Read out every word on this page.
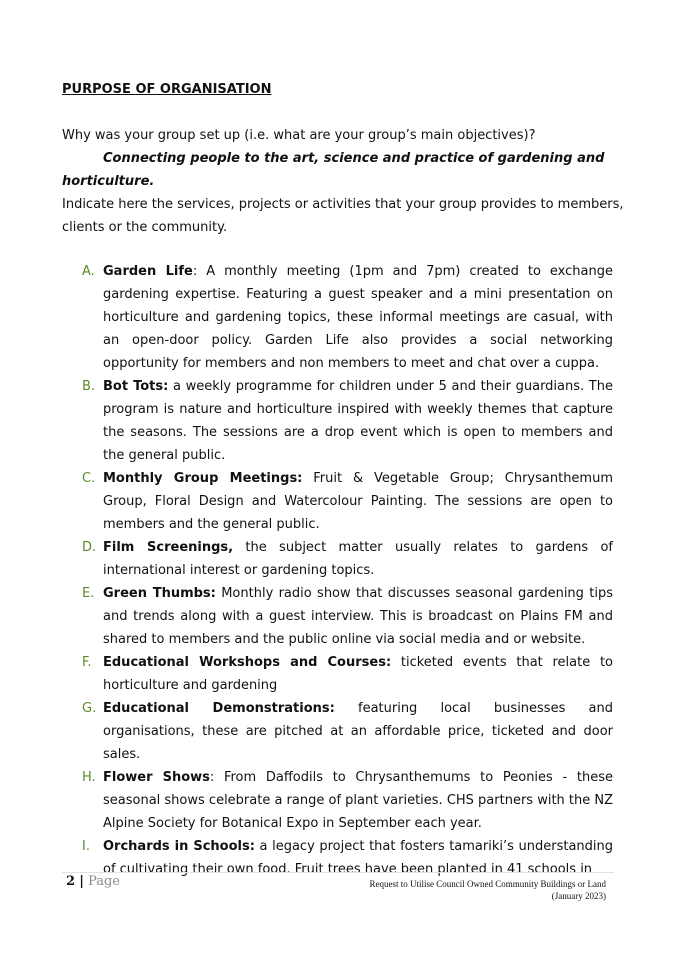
PURPOSE OF ORGANISATION
Why was your group set up (i.e. what are your group’s main objectives)?
Connecting people to the art, science and practice of gardening and
horticulture.
Indicate here the services, projects or activities that your group provides to members,
clients or the community.
A. Garden Life: A monthly meeting (1pm and 7pm) created to exchange gardening expertise. Featuring a guest speaker and a mini presentation on horticulture and gardening topics, these informal meetings are casual, with an open-door policy. Garden Life also provides a social networking opportunity for members and non members to meet and chat over a cuppa.
B. Bot Tots: a weekly programme for children under 5 and their guardians. The program is nature and horticulture inspired with weekly themes that capture the seasons. The sessions are a drop event which is open to members and the general public.
C. Monthly Group Meetings: Fruit & Vegetable Group; Chrysanthemum Group, Floral Design and Watercolour Painting. The sessions are open to members and the general public.
D. Film Screenings, the subject matter usually relates to gardens of international interest or gardening topics.
E. Green Thumbs: Monthly radio show that discusses seasonal gardening tips and trends along with a guest interview. This is broadcast on Plains FM and shared to members and the public online via social media and or website.
F. Educational Workshops and Courses: ticketed events that relate to horticulture and gardening
G. Educational Demonstrations: featuring local businesses and organisations, these are pitched at an affordable price, ticketed and door sales.
H. Flower Shows: From Daffodils to Chrysanthemums to Peonies - these seasonal shows celebrate a range of plant varieties. CHS partners with the NZ Alpine Society for Botanical Expo in September each year.
I. Orchards in Schools: a legacy project that fosters tamariki’s understanding of cultivating their own food. Fruit trees have been planted in 41 schools in
2 | Page	Request to Utilise Council Owned Community Buildings or Land
(January 2023)
